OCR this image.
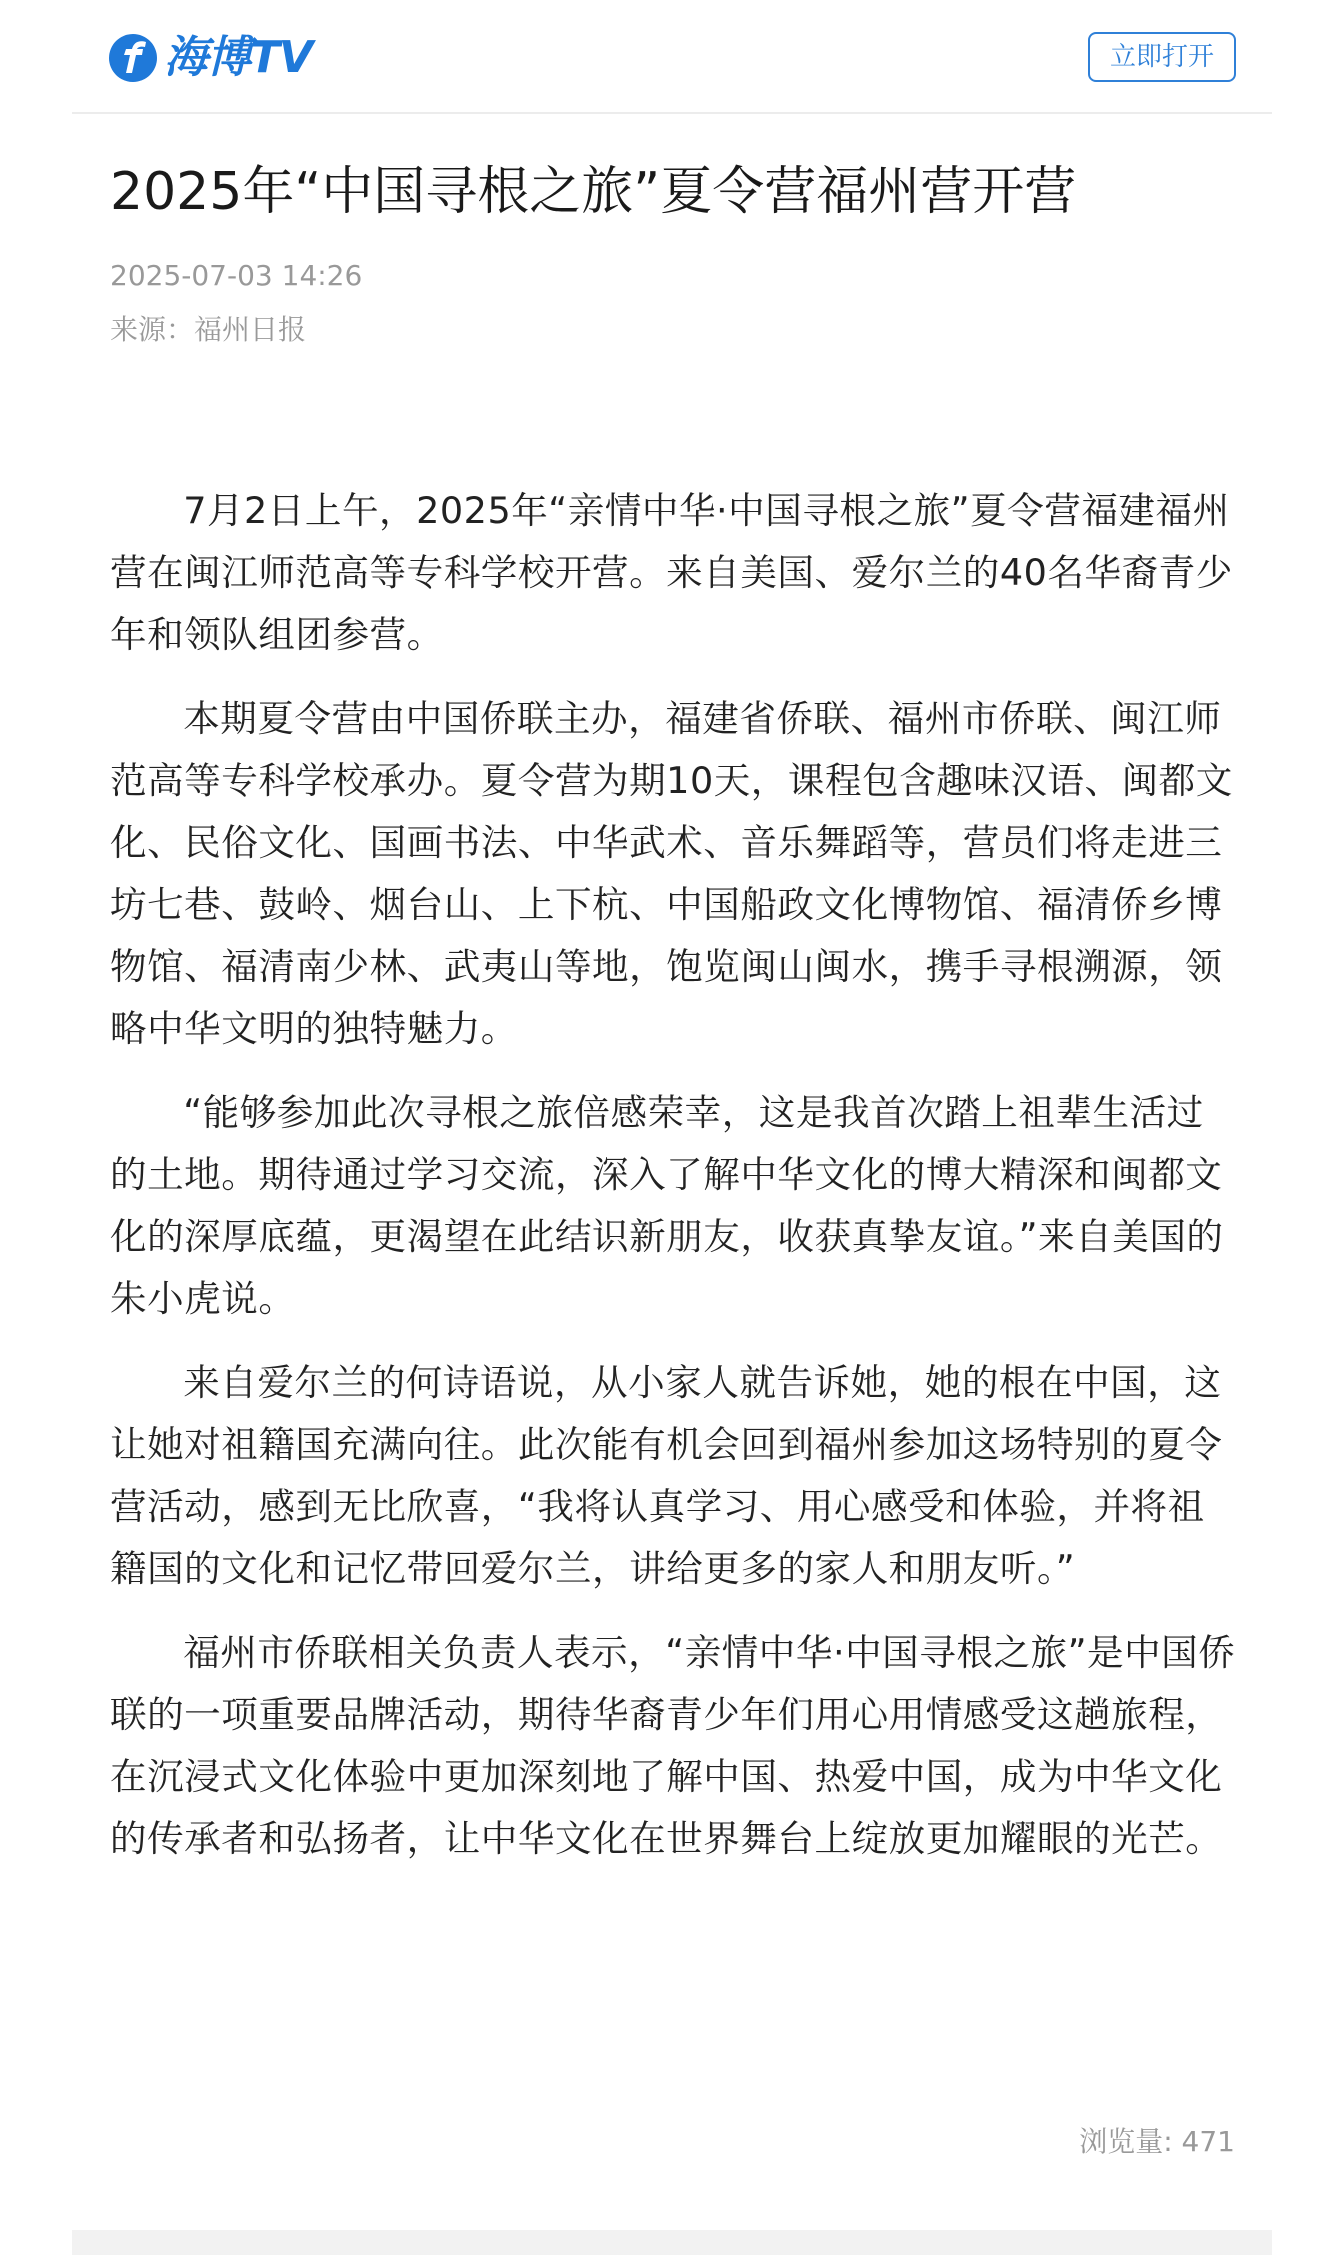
海博TV	立即打开
2025年“中国寻根之旅”夏令营福州营开营
2025-07-03 14:26
来源：福州日报

7月2日上午，2025年“亲情中华·中国寻根之旅”夏令营福建福州营在闽江师范高等专科学校开营。来自美国、爱尔兰的40名华裔青少年和领队组团参营。

本期夏令营由中国侨联主办，福建省侨联、福州市侨联、闽江师范高等专科学校承办。夏令营为期10天，课程包含趣味汉语、闽都文化、民俗文化、国画书法、中华武术、音乐舞蹈等，营员们将走进三坊七巷、鼓岭、烟台山、上下杭、中国船政文化博物馆、福清侨乡博物馆、福清南少林、武夷山等地，饱览闽山闽水，携手寻根溯源，领略中华文明的独特魅力。

“能够参加此次寻根之旅倍感荣幸，这是我首次踏上祖辈生活过的土地。期待通过学习交流，深入了解中华文化的博大精深和闽都文化的深厚底蕴，更渴望在此结识新朋友，收获真挚友谊。”来自美国的朱小虎说。

来自爱尔兰的何诗语说，从小家人就告诉她，她的根在中国，这让她对祖籍国充满向往。此次能有机会回到福州参加这场特别的夏令营活动，感到无比欣喜，“我将认真学习、用心感受和体验，并将祖籍国的文化和记忆带回爱尔兰，讲给更多的家人和朋友听。”

福州市侨联相关负责人表示，“亲情中华·中国寻根之旅”是中国侨联的一项重要品牌活动，期待华裔青少年们用心用情感受这趟旅程，在沉浸式文化体验中更加深刻地了解中国、热爱中国，成为中华文化的传承者和弘扬者，让中华文化在世界舞台上绽放更加耀眼的光芒。

浏览量: 471
